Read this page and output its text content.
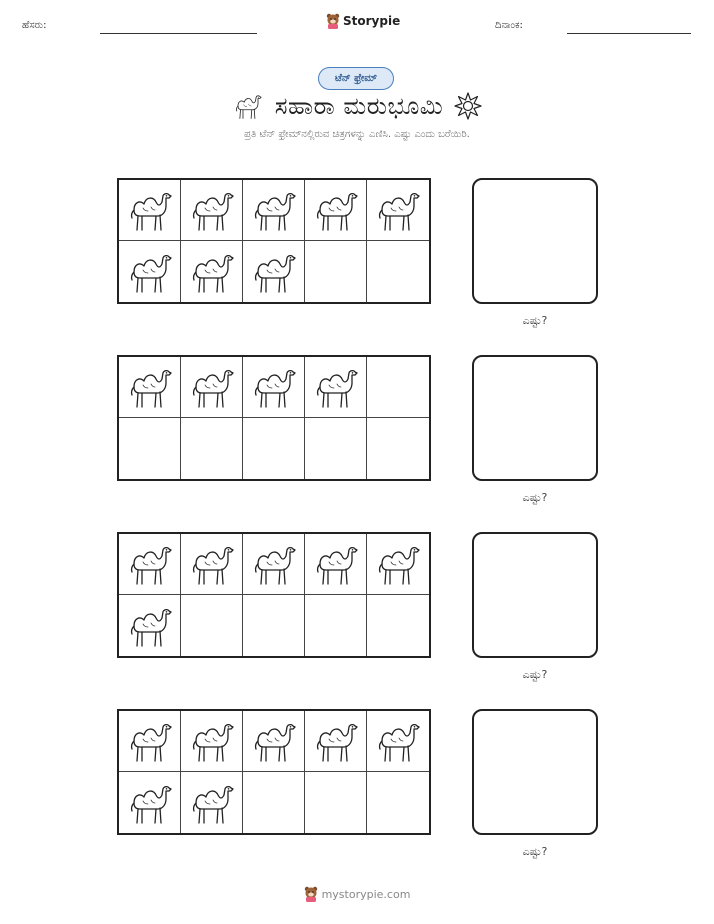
ಹೆಸರು:	Storypie	ದಿನಾಂಕ:
ಟೆನ್ ಫ್ರೇಮ್
ಸಹಾರಾ ಮರುಭೂಮಿ
ಪ್ರತಿ ಟೆನ್ ಫ್ರೇಮ್‌ನಲ್ಲಿರುವ ಚಿತ್ರಗಳನ್ನು ಎಣಿಸಿ. ಎಷ್ಟು ಎಂದು ಬರೆಯಿರಿ.
ಎಷ್ಟು?
ಎಷ್ಟು?
ಎಷ್ಟು?
ಎಷ್ಟು?
mystorypie.com
